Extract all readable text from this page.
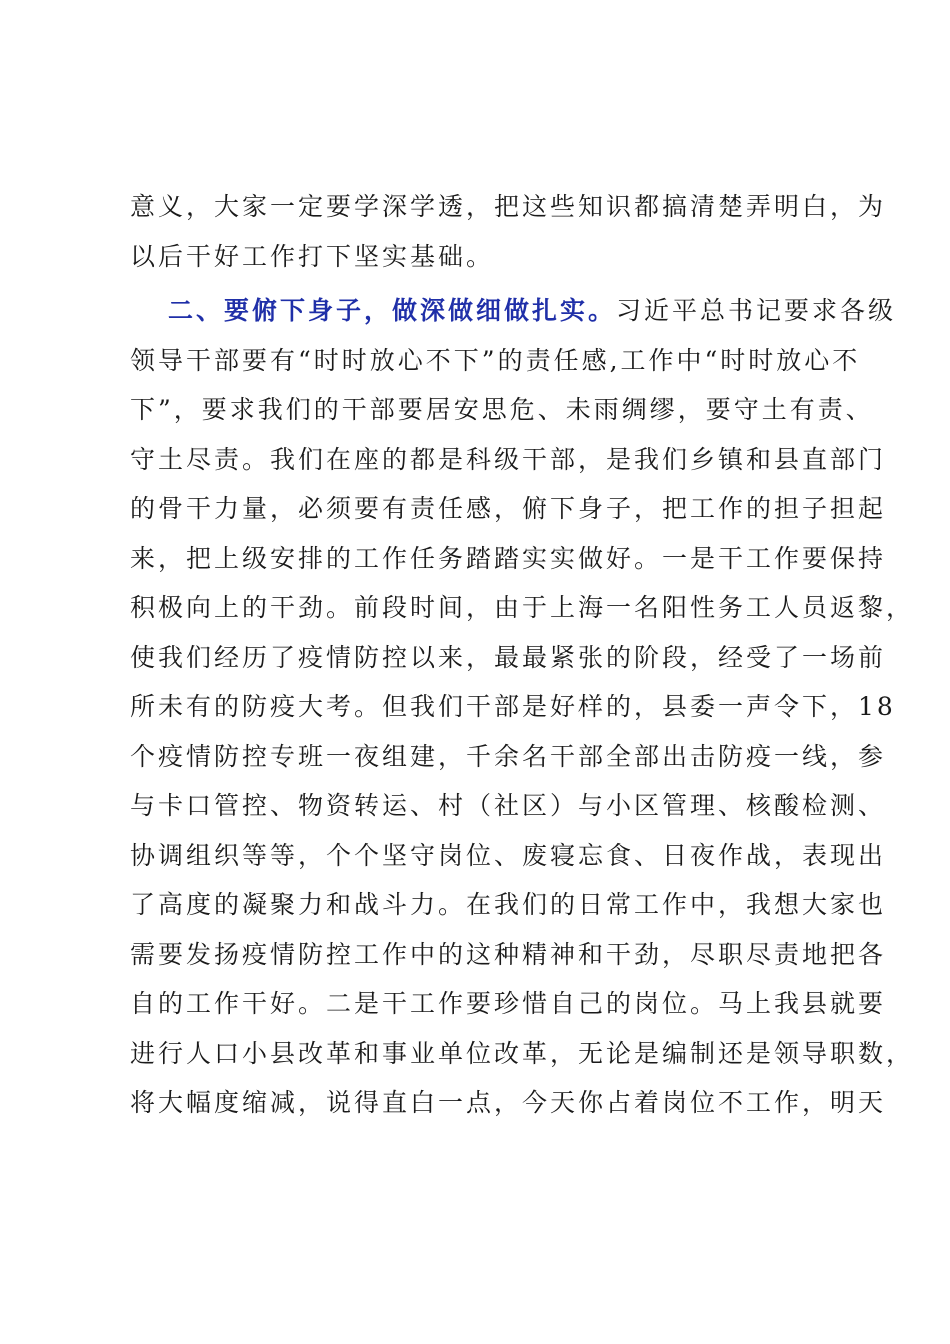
意义，大家一定要学深学透，把这些知识都搞清楚弄明白，为
以后干好工作打下坚实基础。
二、要俯下身子，做深做细做扎实。习近平总书记要求各级
领导干部要有“时时放心不下”的责任感,工作中“时时放心不
下”，要求我们的干部要居安思危、未雨绸缪，要守土有责、
守土尽责。我们在座的都是科级干部，是我们乡镇和县直部门
的骨干力量，必须要有责任感，俯下身子，把工作的担子担起
来，把上级安排的工作任务踏踏实实做好。一是干工作要保持
积极向上的干劲。前段时间，由于上海一名阳性务工人员返黎，
使我们经历了疫情防控以来，最最紧张的阶段，经受了一场前
所未有的防疫大考。但我们干部是好样的，县委一声令下，18
个疫情防控专班一夜组建，千余名干部全部出击防疫一线，参
与卡口管控、物资转运、村（社区）与小区管理、核酸检测、
协调组织等等，个个坚守岗位、废寝忘食、日夜作战，表现出
了高度的凝聚力和战斗力。在我们的日常工作中，我想大家也
需要发扬疫情防控工作中的这种精神和干劲，尽职尽责地把各
自的工作干好。二是干工作要珍惜自己的岗位。马上我县就要
进行人口小县改革和事业单位改革，无论是编制还是领导职数，
将大幅度缩减，说得直白一点，今天你占着岗位不工作，明天
